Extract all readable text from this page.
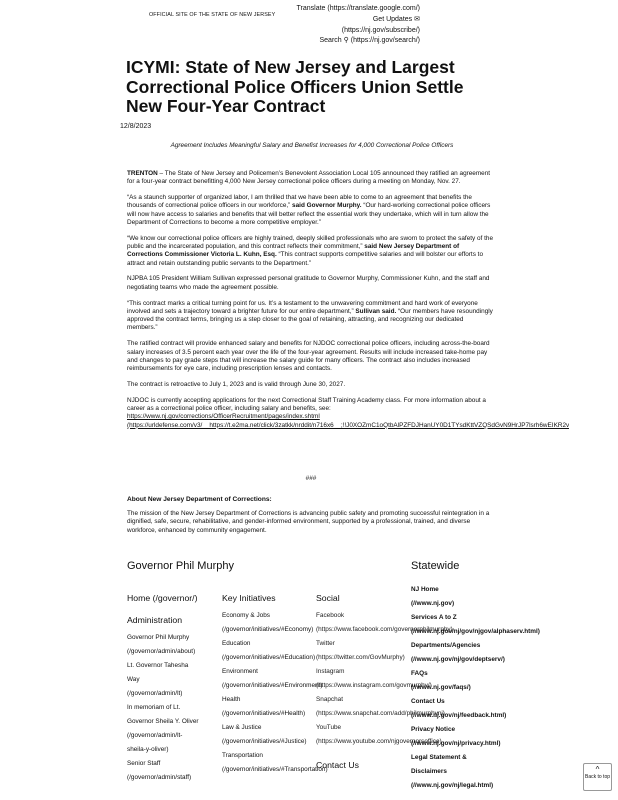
OFFICIAL SITE OF THE STATE OF NEW JERSEY
Translate (https://translate.google.com/)
Get Updates ✉
(https://nj.gov/subscribe/)
Search ⚲ (https://nj.gov/search/)
ICYMI: State of New Jersey and Largest Correctional Police Officers Union Settle New Four-Year Contract
12/8/2023
Agreement Includes Meaningful Salary and Benefist Increases for 4,000 Correctional Police Officers

TRENTON – The State of New Jersey and Policemen’s Benevolent Association Local 105 announced they ratified an agreement for a four-year contract benefitting 4,000 New Jersey correctional police officers during a meeting on Monday, Nov. 27.

“As a staunch supporter of organized labor, I am thrilled that we have been able to come to an agreement that benefits the thousands of correctional police officers in our workforce,” said Governor Murphy. “Our hard-working correctional police officers will now have access to salaries and benefits that will better reflect the essential work they undertake, which will in turn allow the Department of Corrections to become a more competitive employer.”

“We know our correctional police officers are highly trained, deeply skilled professionals who are sworn to protect the safety of the public and the incarcerated population, and this contract reflects their commitment,” said New Jersey Department of Corrections Commissioner Victoria L. Kuhn, Esq. “This contract supports competitive salaries and will bolster our efforts to attract and retain outstanding public servants to the Department.”

NJPBA 105 President William Sullivan expressed personal gratitude to Governor Murphy, Commissioner Kuhn, and the staff and negotiating teams who made the agreement possible.

“This contract marks a critical turning point for us. It’s a testament to the unwavering commitment and hard work of everyone involved and sets a trajectory toward a brighter future for our entire department,” Sullivan said. “Our members have resoundingly approved the contract terms, bringing us a step closer to the goal of retaining, attracting, and recognizing our dedicated members.”

The ratified contract will provide enhanced salary and benefits for NJDOC correctional police officers, including across-the-board salary increases of 3.5 percent each year over the life of the four-year agreement. Results will include increased take-home pay and changes to pay grade steps that will increase the salary guide for many officers. The contract also includes increased reimbursements for eye care, including prescription lenses and contacts.

The contract is retroactive to July 1, 2023 and is valid through June 30, 2027.

NJDOC is currently accepting applications for the next Correctional Staff Training Academy class. For more information about a career as a correctional police officer, including salary and benefits, see:
https://www.nj.gov/corrections/OfficerRecruitment/pages/index.shtml
(https://urldefense.com/v3/__https://t.e2ma.net/click/3zatkk/nrddit/n716x6__;!!J0XOZmC1oQtbAlPZFDJHanUY0D1TYsdKttVZQSdGvN9HrJP7lsrh6wEIKR2v

###
About New Jersey Department of Corrections:
The mission of the New Jersey Department of Corrections is advancing public safety and promoting successful reintegration in a dignified, safe, secure, rehabilitative, and gender-informed environment, supported by a professional, trained, and diverse workforce, enhanced by community engagement.
Governor Phil Murphy	Statewide
Home (/governor/)
Administration
Governor Phil Murphy
(/governor/admin/about)
Lt. Governor Tahesha
Way
(/governor/admin/lt)
In memoriam of Lt.
Governor Sheila Y. Oliver
(/governor/admin/lt-
sheila-y-oliver)
Senior Staff
(/governor/admin/staff)
Key Initiatives
Economy & Jobs
(/governor/initiatives/#Economy)
Education
(/governor/initiatives/#Education)
Environment
(/governor/initiatives/#Environment)
Health
(/governor/initiatives/#Health)
Law & Justice
(/governor/initiatives/#Justice)
Transportation
(/governor/initiatives/#Transportation)
Social
Facebook
(https://www.facebook.com/governorphilmurphy)
Twitter
(https://twitter.com/GovMurphy)
Instagram
(https://www.instagram.com/govmurphy/)
Snapchat
(https://www.snapchat.com/add/philmurphynj)
YouTube
(https://www.youtube.com/njgovernorsoffice)
Contact Us
NJ Home
(//www.nj.gov)
Services A to Z
(//www.nj.gov/nj/gov/njgov/alphaserv.html)
Departments/Agencies
(//www.nj.gov/nj/gov/deptserv/)
FAQs
(//www.nj.gov/faqs/)
Contact Us
(//www.nj.gov/nj/feedback.html)
Privacy Notice
(//www.nj.gov/nj/privacy.html)
Legal Statement &
Disclaimers
(//www.nj.gov/nj/legal.html)
^
Back to top
